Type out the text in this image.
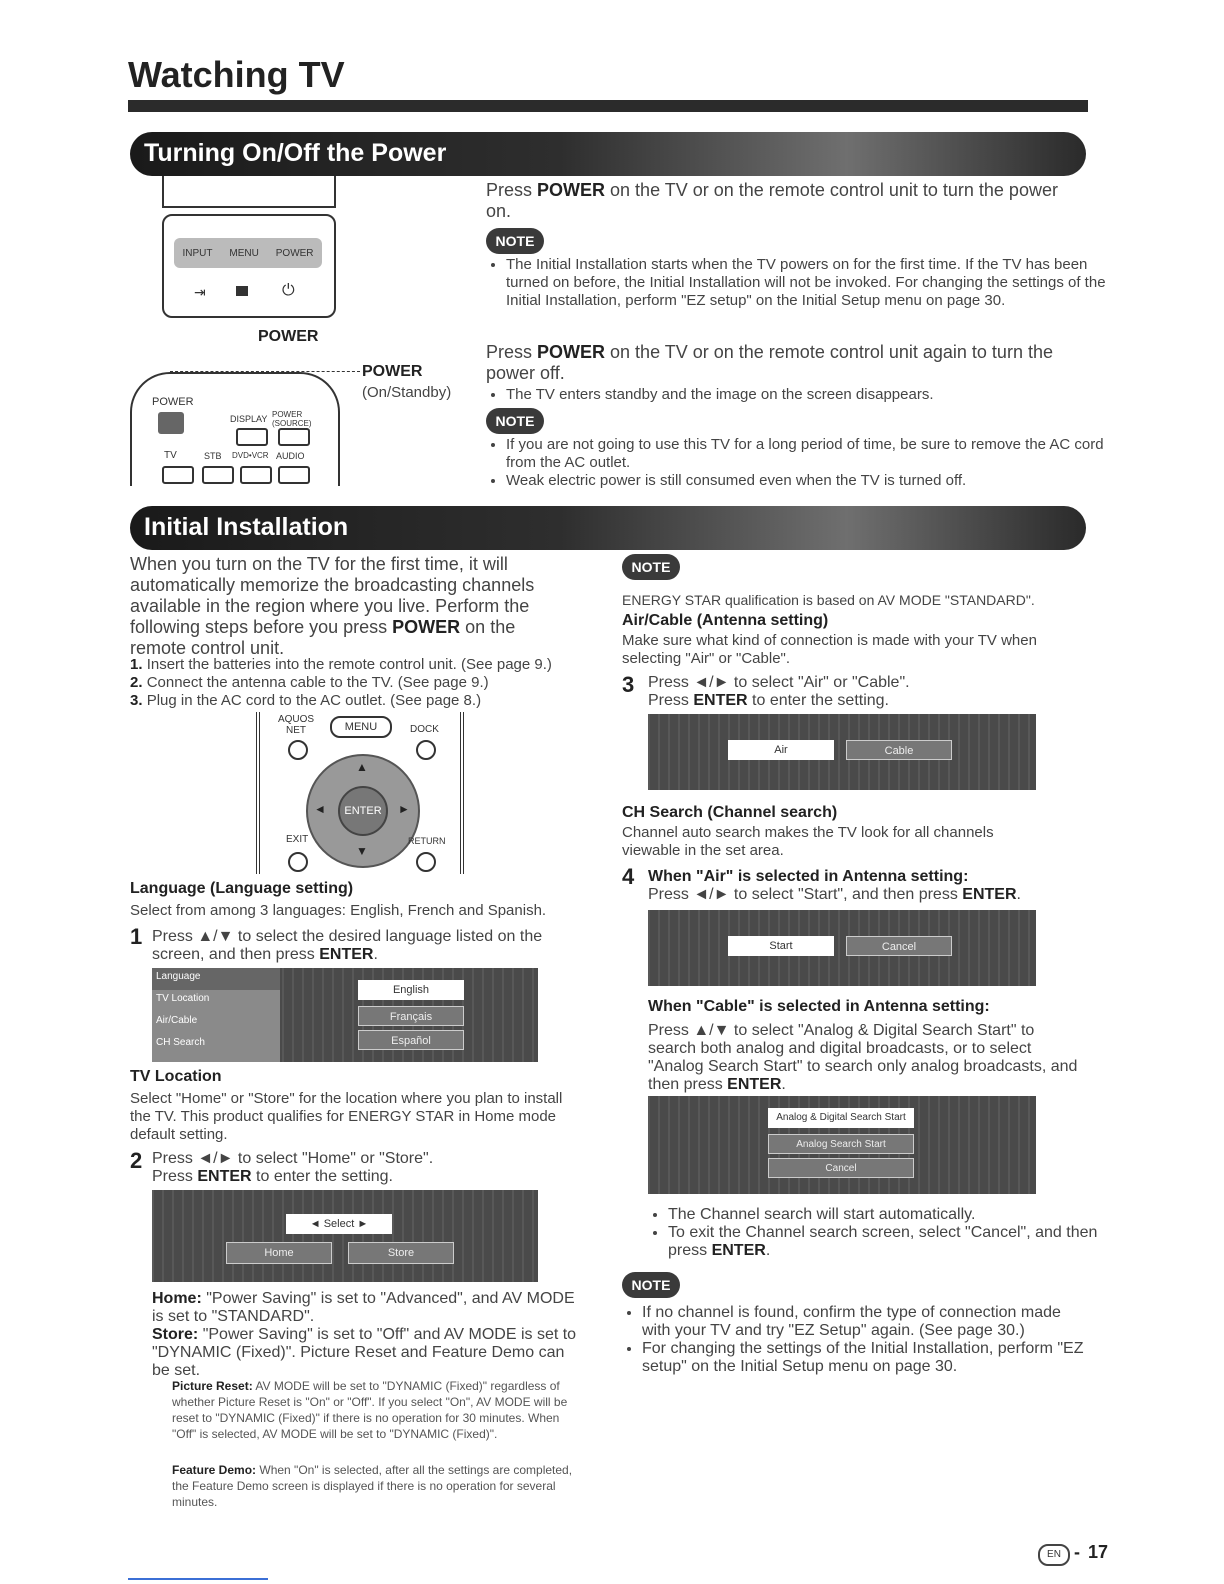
Watching TV
Turning On/Off the Power
INPUT MENU POWER
⇥	⏻
POWER
POWER
DISPLAY POWER (SOURCE)
TV	STB DVD•VCR AUDIO
POWER
(On/Standby)
Press POWER on the TV or on the remote control unit to turn the power on.
NOTE
• The Initial Installation starts when the TV powers on for the first time. If the TV has been turned on before, the Initial Installation will not be invoked. For changing the settings of the Initial Installation, perform "EZ setup" on the Initial Setup menu on page 30.
Press POWER on the TV or on the remote control unit again to turn the power off.
• The TV enters standby and the image on the screen disappears.
NOTE
• If you are not going to use this TV for a long period of time, be sure to remove the AC cord from the AC outlet.
• Weak electric power is still consumed even when the TV is turned off.
Initial Installation
When you turn on the TV for the first time, it will automatically memorize the broadcasting channels available in the region where you live. Perform the following steps before you press POWER on the remote control unit.
1. Insert the batteries into the remote control unit. (See page 9.)
2. Connect the antenna cable to the TV. (See page 9.)
3. Plug in the AC cord to the AC outlet. (See page 8.)
AQUOS NET	MENU	DOCK
ENTER
▲
▼
◄	►
EXIT	RETURN
Language (Language setting)
Select from among 3 languages: English, French and Spanish.
1 Press ▲/▼ to select the desired language listed on the screen, and then press ENTER.
Language
TV Location
Air/Cable
CH Search
English
Français
Español
TV Location
Select "Home" or "Store" for the location where you plan to install the TV. This product qualifies for ENERGY STAR in Home mode default setting.
2 Press ◄/► to select "Home" or "Store".
Press ENTER to enter the setting.
◄ Select ►
Home	Store
Home: "Power Saving" is set to "Advanced", and AV MODE is set to "STANDARD".
Store: "Power Saving" is set to "Off" and AV MODE is set to "DYNAMIC (Fixed)". Picture Reset and Feature Demo can be set.
Picture Reset: AV MODE will be set to "DYNAMIC (Fixed)" regardless of whether Picture Reset is "On" or "Off". If you select "On", AV MODE will be reset to "DYNAMIC (Fixed)" if there is no operation for 30 minutes. When "Off" is selected, AV MODE will be set to "DYNAMIC (Fixed)".
Feature Demo: When "On" is selected, after all the settings are completed, the Feature Demo screen is displayed if there is no operation for several minutes.
NOTE
ENERGY STAR qualification is based on AV MODE "STANDARD".
Air/Cable (Antenna setting)
Make sure what kind of connection is made with your TV when selecting "Air" or "Cable".
3 Press ◄/► to select "Air" or "Cable".
Press ENTER to enter the setting.
Air	Cable
CH Search (Channel search)
Channel auto search makes the TV look for all channels viewable in the set area.
4 When "Air" is selected in Antenna setting:
Press ◄/► to select "Start", and then press ENTER.
Start	Cancel
When "Cable" is selected in Antenna setting:
Press ▲/▼ to select "Analog & Digital Search Start" to search both analog and digital broadcasts, or to select "Analog Search Start" to search only analog broadcasts, and then press ENTER.
Analog & Digital Search Start
Analog Search Start
Cancel
• The Channel search will start automatically.
• To exit the Channel search screen, select "Cancel", and then press ENTER.
NOTE
• If no channel is found, confirm the type of connection made with your TV and try "EZ Setup" again. (See page 30.)
• For changing the settings of the Initial Installation, perform "EZ setup" on the Initial Setup menu on page 30.
EN - 17
